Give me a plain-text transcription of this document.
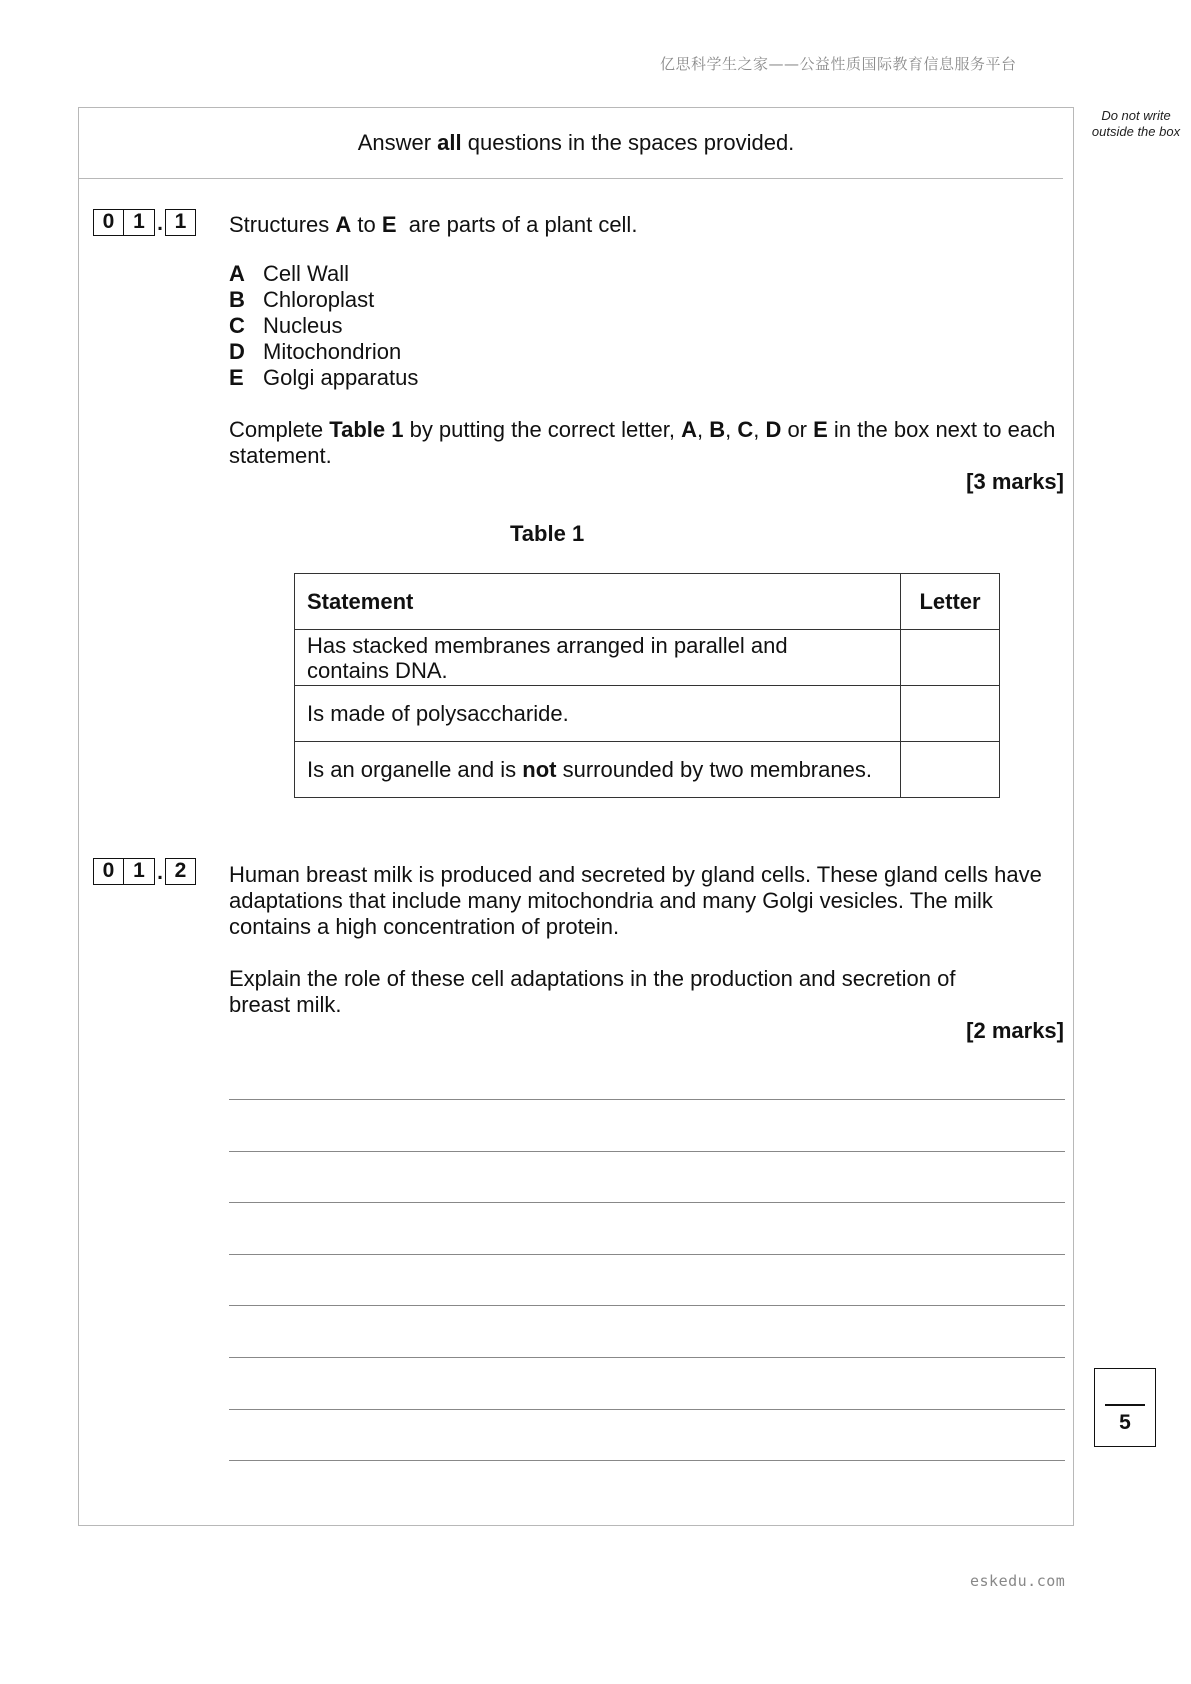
亿思科学生之家——公益性质国际教育信息服务平台
Do not write outside the box
Answer all questions in the spaces provided.
0 1 . 1	Structures A to E  are parts of a plant cell.
A Cell Wall
B Chloroplast
C Nucleus
D Mitochondrion
E Golgi apparatus
Complete Table 1 by putting the correct letter, A, B, C, D or E in the box next to each statement.
[3 marks]
Table 1
Statement	Letter
Has stacked membranes arranged in parallel and contains DNA.	
Is made of polysaccharide.	
Is an organelle and is not surrounded by two membranes.	
0 1 . 2	Human breast milk is produced and secreted by gland cells. These gland cells have adaptations that include many mitochondria and many Golgi vesicles. The milk contains a high concentration of protein.
Explain the role of these cell adaptations in the production and secretion of breast milk.
[2 marks]
5
eskedu.com
